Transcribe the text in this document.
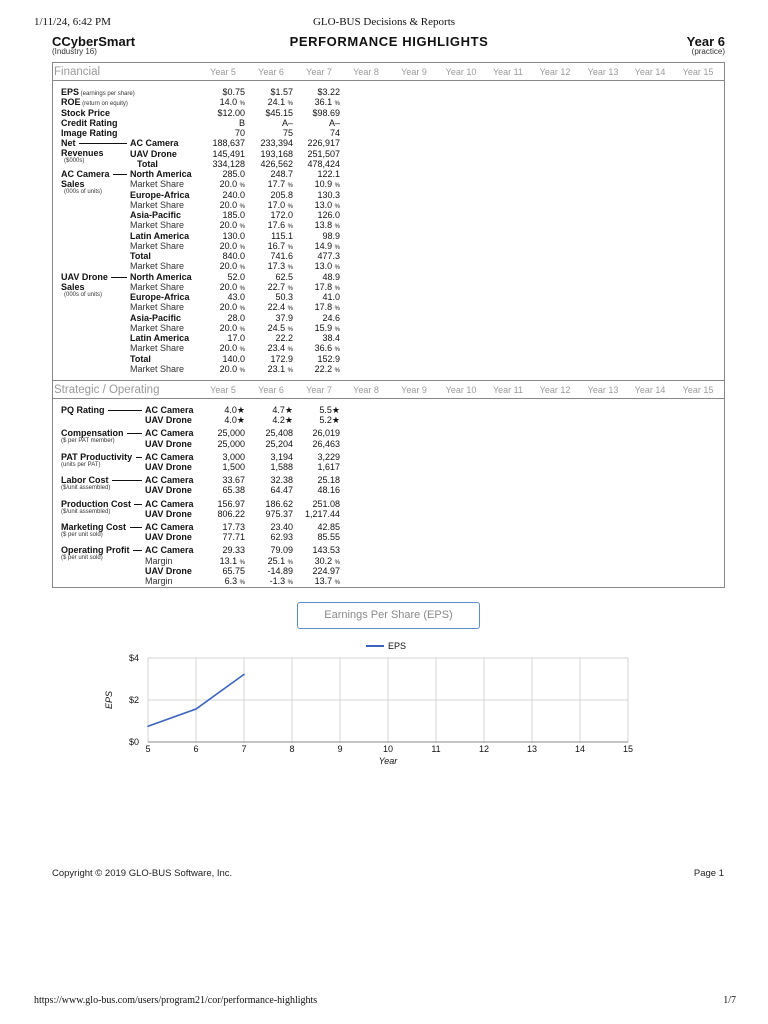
1/11/24, 6:42 PM	GLO-BUS Decisions & Reports
CCyberSmart
(Industry 16)
PERFORMANCE HIGHLIGHTS	Year 6
(practice)
Financial	Year 5	Year 6	Year 7	Year 8	Year 9	Year 10	Year 11	Year 12	Year 13	Year 14	Year 15
EPS (earnings per share)	$0.75	$1.57	$3.22
ROE (return on equity)	14.0 %	24.1 %	36.1 %
Stock Price	$12.00	$45.15	$98.69
Credit Rating	B	A–	A–
Image Rating	70	75	74
Net
Revenues
($000s)
AC Camera	188,637	233,394	226,917
UAV Drone	145,491	193,168	251,507
Total	334,128	426,562	478,424
AC Camera
Sales
(000s of units)
North America	285.0	248.7	122.1
Market Share	20.0 %	17.7 %	10.9 %
Europe-Africa	240.0	205.8	130.3
Market Share	20.0 %	17.0 %	13.0 %
Asia-Pacific	185.0	172.0	126.0
Market Share	20.0 %	17.6 %	13.8 %
Latin America	130.0	115.1	98.9
Market Share	20.0 %	16.7 %	14.9 %
Total	840.0	741.6	477.3
Market Share	20.0 %	17.3 %	13.0 %
UAV Drone
Sales
(000s of units)
North America	52.0	62.5	48.9
Market Share	20.0 %	22.7 %	17.8 %
Europe-Africa	43.0	50.3	41.0
Market Share	20.0 %	22.4 %	17.8 %
Asia-Pacific	28.0	37.9	24.6
Market Share	20.0 %	24.5 %	15.9 %
Latin America	17.0	22.2	38.4
Market Share	20.0 %	23.4 %	36.6 %
Total	140.0	172.9	152.9
Market Share	20.0 %	23.1 %	22.2 %
Strategic / Operating	Year 5	Year 6	Year 7	Year 8	Year 9	Year 10	Year 11	Year 12	Year 13	Year 14	Year 15
PQ Rating	AC Camera	4.0★	4.7★	5.5★
UAV Drone	4.0★	4.2★	5.2★
Compensation
($ per PAT member)
AC Camera	25,000	25,408	26,019
UAV Drone	25,000	25,204	26,463
PAT Productivity
(units per PAT)
AC Camera	3,000	3,194	3,229
UAV Drone	1,500	1,588	1,617
Labor Cost
($/unit assembled)
AC Camera	33.67	32.38	25.18
UAV Drone	65.38	64.47	48.16
Production Cost
($/unit assembled)
AC Camera	156.97	186.62	251.08
UAV Drone	806.22	975.37	1,217.44
Marketing Cost
($ per unit sold)
AC Camera	17.73	23.40	42.85
UAV Drone	77.71	62.93	85.55
Operating Profit
($ per unit sold)
AC Camera	29.33	79.09	143.53
Margin	13.1 %	25.1 %	30.2 %
UAV Drone	65.75	-14.89	224.97
Margin	6.3 %	-1.3 %	13.7 %
Earnings Per Share (EPS)
5	6	7	8	9	10	11	12	13	14	15
$0
$2
$4
Year
EPS
EPS
Copyright © 2019 GLO-BUS Software, Inc.	Page 1
https://www.glo-bus.com/users/program21/cor/performance-highlights	1/7
